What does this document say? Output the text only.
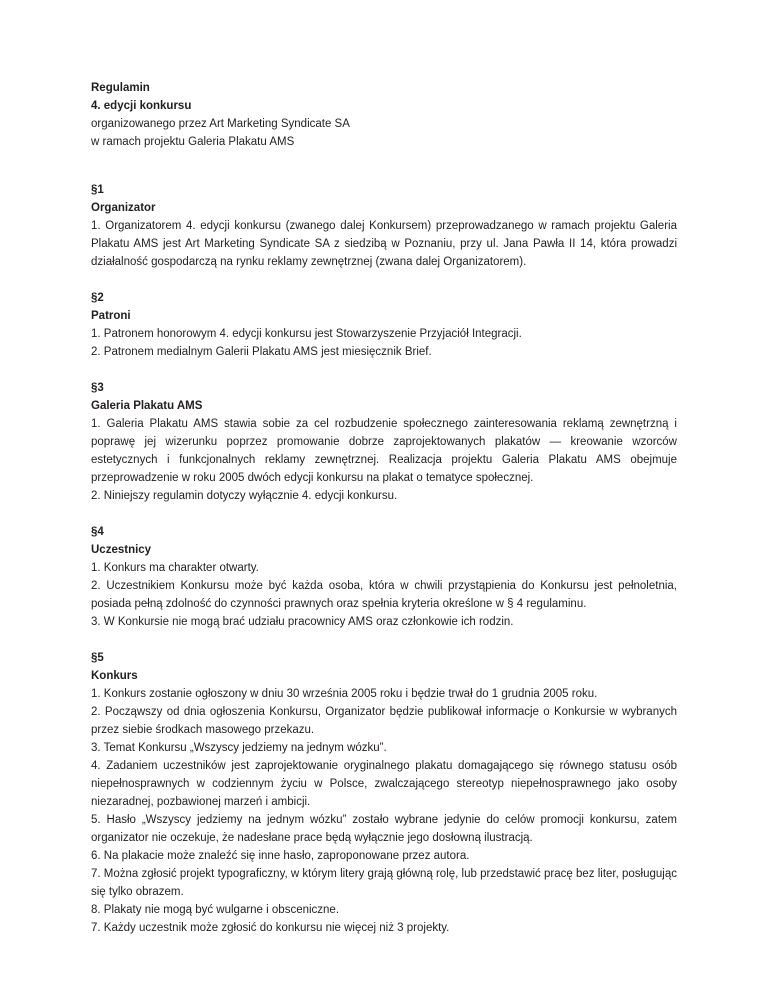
Regulamin
4. edycji konkursu
organizowanego przez Art Marketing Syndicate SA
w ramach projektu Galeria Plakatu AMS
§1
Organizator

1. Organizatorem 4. edycji konkursu (zwanego dalej Konkursem) przeprowadzanego w ramach projektu Galeria Plakatu AMS jest Art Marketing Syndicate SA z siedzibą w Poznaniu, przy ul. Jana Pawła II 14, która prowadzi działalność gospodarczą na rynku reklamy zewnętrznej (zwana dalej Organizatorem).

§2
Patroni

1. Patronem honorowym 4. edycji konkursu jest Stowarzyszenie Przyjaciół Integracji.

2. Patronem medialnym Galerii Plakatu AMS jest miesięcznik Brief.

§3
Galeria Plakatu AMS

1. Galeria Plakatu AMS stawia sobie za cel rozbudzenie społecznego zainteresowania reklamą zewnętrzną i poprawę jej wizerunku poprzez promowanie dobrze zaprojektowanych plakatów — kreowanie wzorców estetycznych i funkcjonalnych reklamy zewnętrznej. Realizacja projektu Galeria Plakatu AMS obejmuje przeprowadzenie w roku 2005 dwóch edycji konkursu na plakat o tematyce społecznej.

2. Niniejszy regulamin dotyczy wyłącznie 4. edycji konkursu.

§4
Uczestnicy

1. Konkurs ma charakter otwarty.

2. Uczestnikiem Konkursu może być każda osoba, która w chwili przystąpienia do Konkursu jest pełnoletnia, posiada pełną zdolność do czynności prawnych oraz spełnia kryteria określone w § 4 regulaminu.

3. W Konkursie nie mogą brać udziału pracownicy AMS oraz członkowie ich rodzin.

§5
Konkurs

1. Konkurs zostanie ogłoszony w dniu 30 września 2005 roku i będzie trwał do 1 grudnia 2005 roku.

2. Począwszy od dnia ogłoszenia Konkursu, Organizator będzie publikował informacje o Konkursie w wybranych przez siebie środkach masowego przekazu.

3. Temat Konkursu „Wszyscy jedziemy na jednym wózku”.

4. Zadaniem uczestników jest zaprojektowanie oryginalnego plakatu domagającego się równego statusu osób niepełnosprawnych w codziennym życiu w Polsce, zwalczającego stereotyp niepełnosprawnego jako osoby niezaradnej, pozbawionej marzeń i ambicji.

5. Hasło „Wszyscy jedziemy na jednym wózku” zostało wybrane jedynie do celów promocji konkursu, zatem organizator nie oczekuje, że nadesłane prace będą wyłącznie jego dosłowną ilustracją.

6. Na plakacie może znaleźć się inne hasło, zaproponowane przez autora.

7. Można zgłosić projekt typograficzny, w którym litery grają główną rolę, lub przedstawić pracę bez liter, posługując się tylko obrazem.

8. Plakaty nie mogą być wulgarne i obsceniczne.

7. Każdy uczestnik może zgłosić do konkursu nie więcej niż 3 projekty.
